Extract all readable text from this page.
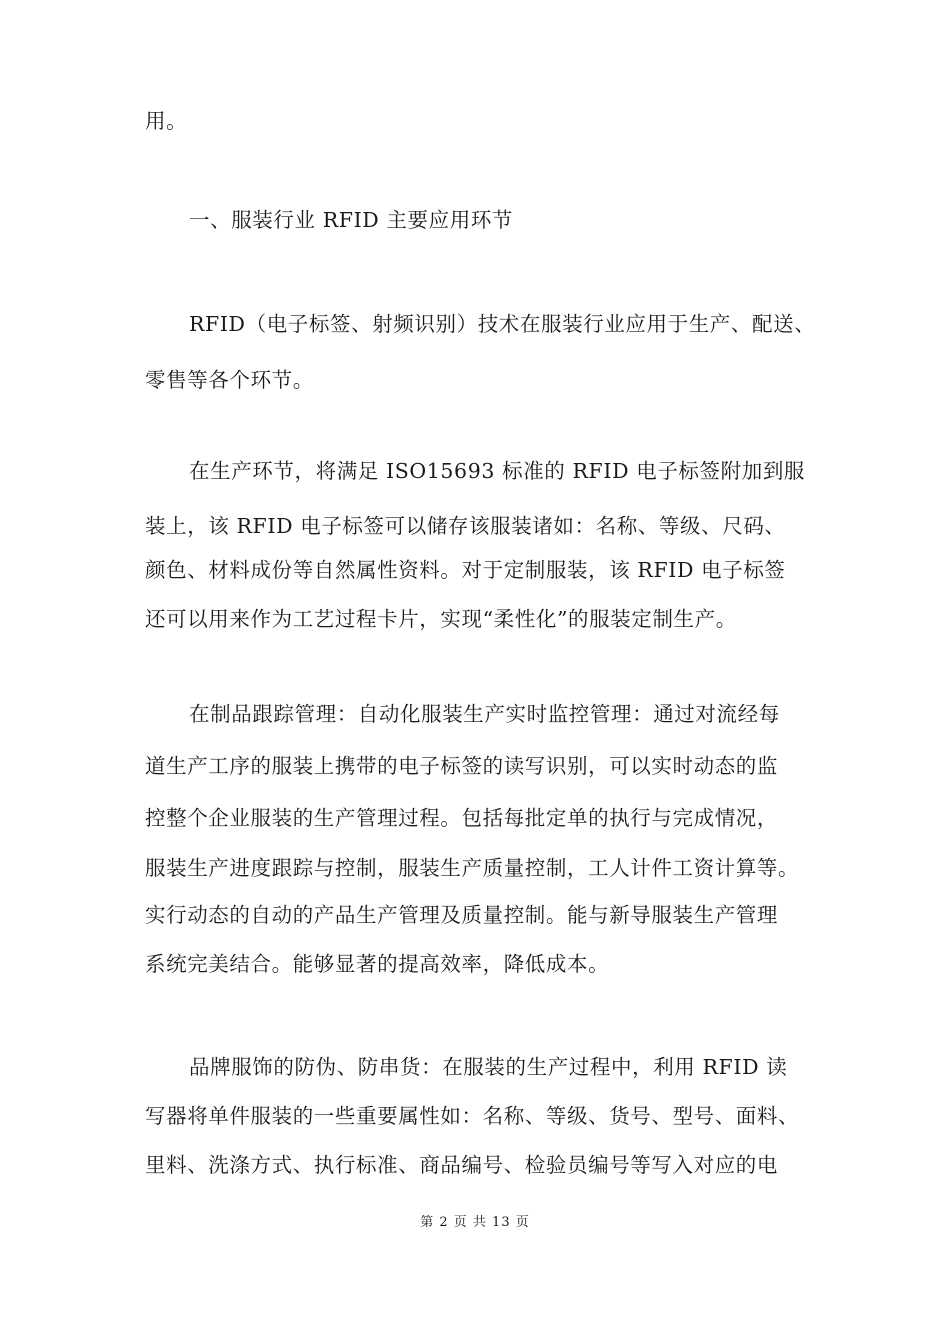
用。
一、服装行业 RFID 主要应用环节
RFID（电子标签、射频识别）技术在服装行业应用于生产、配送、
零售等各个环节。
在生产环节，将满足 ISO15693 标准的 RFID 电子标签附加到服
装上，该 RFID 电子标签可以储存该服装诸如：名称、等级、尺码、
颜色、材料成份等自然属性资料。对于定制服装，该 RFID 电子标签
还可以用来作为工艺过程卡片，实现“柔性化”的服装定制生产。
在制品跟踪管理：自动化服装生产实时监控管理：通过对流经每
道生产工序的服装上携带的电子标签的读写识别，可以实时动态的监
控整个企业服装的生产管理过程。包括每批定单的执行与完成情况，
服装生产进度跟踪与控制，服装生产质量控制，工人计件工资计算等。
实行动态的自动的产品生产管理及质量控制。能与新导服装生产管理
系统完美结合。能够显著的提高效率，降低成本。
品牌服饰的防伪、防串货：在服装的生产过程中，利用 RFID 读
写器将单件服装的一些重要属性如：名称、等级、货号、型号、面料、
里料、洗涤方式、执行标准、商品编号、检验员编号等写入对应的电
第 2 页 共 13 页
